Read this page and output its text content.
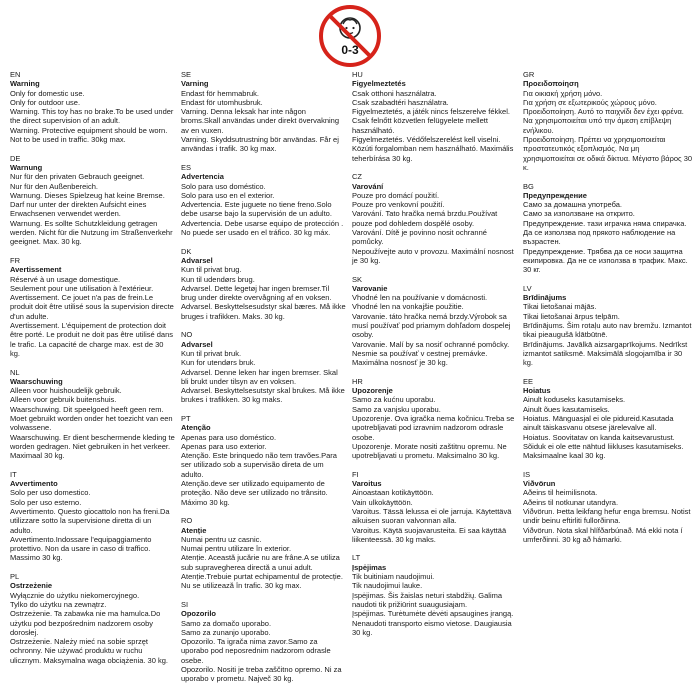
0-3
EN
Warning
Only for domestic use.
Only for outdoor use.
Warning. This toy has no brake.To be used under the direct supervision of an adult.
Warning. Protective equipment should be worn. Not to be used in traffic. 30kg max.
DE
Warnung
Nur für den privaten Gebrauch geeignet.
Nur für den Außenbereich.
Warnung. Dieses Spielzeug hat keine Bremse. Darf nur unter der direkten Aufsicht eines Erwachsenen verwendet werden.
Warnung. Es sollte Schutzkleidung getragen werden. Nicht für die Nutzung im Straßenverkehr geeignet. Max. 30 kg.
FR
Avertissement
Réservé à un usage domestique.
Seulement pour une utilisation à l'extérieur.
Avertissement. Ce jouet n'a pas de frein.Le produit doit être utilisé sous la supervision directe d'un adulte.
Avertissement. L'équipement de protection doit être porté. Le produit ne doit pas être utilisé dans le trafic. La capacité de charge max. est de 30 kg.
NL
Waarschuwing
Alleen voor huishoudelijk gebruik.
Alleen voor gebruik buitenshuis.
Waarschuwing. Dit speelgoed heeft geen rem. Moet gebruikt worden onder het toezicht van een volwassene.
Waarschuwing. Er dient beschermende kleding te worden gedragen. Niet gebruiken in het verkeer. Maximaal 30 kg.
IT
Avvertimento
Solo per uso domestico.
Solo per uso esterno.
Avvertimento. Questo giocattolo non ha freni.Da utilizzare sotto la supervisione diretta di un adulto.
Avvertimento.Indossare l'equipaggiamento protettivo. Non da usare in caso di traffico. Massimo 30 kg.
PL
Ostrzeżenie
Wyłącznie do użytku niekomercyjnego.
Tylko do użytku na zewnątrz.
Ostrzeżenie. Ta zabawka nie ma hamulca.Do użytku pod bezpośrednim nadzorem osoby dorosłej.
Ostrzeżenie. Należy mieć na sobie sprzęt ochronny. Nie używać produktu w ruchu ulicznym. Maksymalna waga obciążenia. 30 kg.
SE
Varning
Endast för hemmabruk.
Endast för utomhusbruk.
Varning. Denna leksak har inte någon broms.Skall användas under direkt övervakning av en vuxen.
Varning. Skyddsutrustning bör användas. Får ej användas i trafik. 30 kg max.
ES
Advertencia
Solo para uso doméstico.
Solo para uso en el exterior.
Advertencia. Este juguete no tiene freno.Solo debe usarse bajo la supervisión de un adulto.
Advertencia. Debe usarse equipo de protección . No puede ser usado en el tráfico. 30 kg máx.
DK
Advarsel
Kun til privat brug.
Kun til udendørs brug.
Advarsel. Dette legetøj har ingen bremser.Til brug under direkte overvågning af en voksen.
Advarsel. Beskyttelsesudstyr skal bæres. Må ikke bruges i trafikken. Maks. 30 kg.
NO
Advarsel
Kun til privat bruk.
Kun for utendørs bruk.
Advarsel. Denne leken har ingen bremser. Skal bli brukt under tilsyn av en voksen.
Advarsel. Beskyttelsesutstyr skal brukes. Må ikke brukes i trafikken. 30 kg maks.
PT
Atenção
Apenas para uso doméstico.
Apenas para uso exterior.
Atenção. Este brinquedo não tem travões.Para ser utilizado sob a supervisão direta de um adulto.
Atenção.deve ser utilizado equipamento de proteção. Não deve ser utilizado no trânsito. Máximo 30 kg.
RO
Atenție
Numai pentru uz casnic.
Numai pentru utilizare în exterior.
Atenție. Această jucărie nu are frâne.A se utiliza sub supravegherea directă a unui adult.
Atenție.Trebuie purtat echipamentul de protecție. Nu se utilizează în trafic. 30 kg max.
SI
Opozorilo
Samo za domačo uporabo.
Samo za zunanjo uporabo.
Opozorilo. Ta igrača nima zavor.Samo za uporabo pod neposrednim nadzorom odrasle osebe.
Opozorilo. Nositi je treba zaščitno opremo. Ni za uporabo v prometu. Največ 30 kg.
HU
Figyelmeztetés
Csak otthoni használatra.
Csak szabadtéri használatra.
Figyelmeztetés, a játék nincs felszerelve fékkel. Csak felnőtt közvetlen felügyelete mellett használható.
Figyelmeztetés. Védőfelszerelést kell viselni. Közúti forgalomban nem használható. Maximális teherbírása 30 kg.
CZ
Varování
Pouze pro domácí použití.
Pouze pro venkovní použití.
Varování. Tato hračka nemá brzdu.Používat pouze pod dohledem dospělé osoby.
Varování. Dítě je povinno nosit ochranné pomůcky.
Nepoužívejte auto v provozu. Maximální nosnost je 30 kg.
SK
Varovanie
Vhodné len na používanie v domácnosti.
Vhodné len na vonkajšie použitie.
Varovanie. táto hračka nemá brzdy.Výrobok sa musí používať pod priamym dohľadom dospelej osoby.
Varovanie. Malí by sa nosiť ochranné pomôcky. Nesmie sa používať v cestnej premávke. Maximálna nosnosť je 30 kg.
HR
Upozorenje
Samo za kućnu uporabu.
Samo za vanjsku uporabu.
Upozorenje. Ova igračka nema kočnicu.Treba se upotrebljavati pod izravnim nadzorom odrasle osobe.
Upozorenje. Morate nositi zaštitnu opremu. Ne upotrebljavati u prometu. Maksimalno 30 kg.
FI
Varoitus
Ainoastaan kotikäyttöön.
Vain ulkokäyttöön.
Varoitus. Tässä lelussa ei ole jarruja. Käytettävä aikuisen suoran valvonnan alla.
Varoitus. Käytä suojavarusteita. Ei saa käyttää liikenteessä. 30 kg maks.
LT
Įspėjimas
Tik buitiniam naudojimui.
Tik naudojimui lauke.
Įspėjimas. Šis žaislas neturi stabdžių. Galima naudoti tik prižiūrint suaugusiajam.
Įspėjimas. Turėtumėte dėvėti apsaugines įrangą. Nenaudoti transporto eismo vietose. Daugiausia 30 kg.
GR
Προειδοποίηση
Για οικιακή χρήση μόνο.
Για χρήση σε εξωτερικούς χώρους μόνο.
Προειδοποίηση. Αυτό το παιχνίδι δεν έχει φρένα. Να χρησιμοποιείται υπό την άμεση επίβλεψη ενήλικου.
Προειδοποίηση. Πρέπει να χρησιμοποιείται προστατευτικός εξοπλισμός. Να μη χρησιμοποιείται σε οδικά δίκτυα. Μέγιστο βάρος 30 κ.
BG
Предупреждение
Само за домашна употреба.
Само за използване на открито.
Предупреждение. тази играчка няма спирачка. Да се използва под прякото наблюдение на възрастен.
Предупреждение. Трябва да се носи защитна екипировка. Да не се използва в трафик. Макс. 30 кг.
LV
Brīdinājums
Tikai lietošanai mājās.
Tikai lietošanai ārpus telpām.
Brīdinājums. Šim rotaļu auto nav bremžu. Izmantot tikai pieaugušā klātbūtnē.
Brīdinājums. Javālkā aizsargaprīkojums. Nedrīkst izmantot satiksmē. Maksimālā slogojamība ir 30 kg.
EE
Hoiatus
Ainult koduseks kasutamiseks.
Ainult õues kasutamiseks.
Hoiatus. Mänguasjal ei ole pidureid.Kasutada ainult täiskasvanu otsese järelevalve all.
Hoiatus. Soovitatav on kanda kaitsevarustust. Sõiduk ei ole ette nähtud liikluses kasutamiseks. Maksimaalne kaal 30 kg.
IS
Viðvörun
Aðeins til heimilisnota.
Aðeins til notkunar utandyra.
Viðvörun. Þetta leikfang hefur enga bremsu. Notist undir beinu eftirliti fullorðinna.
Viðvörun. Nota skal hlífðarbúnað. Má ekki nota í umferðinni. 30 kg að hámarki.
